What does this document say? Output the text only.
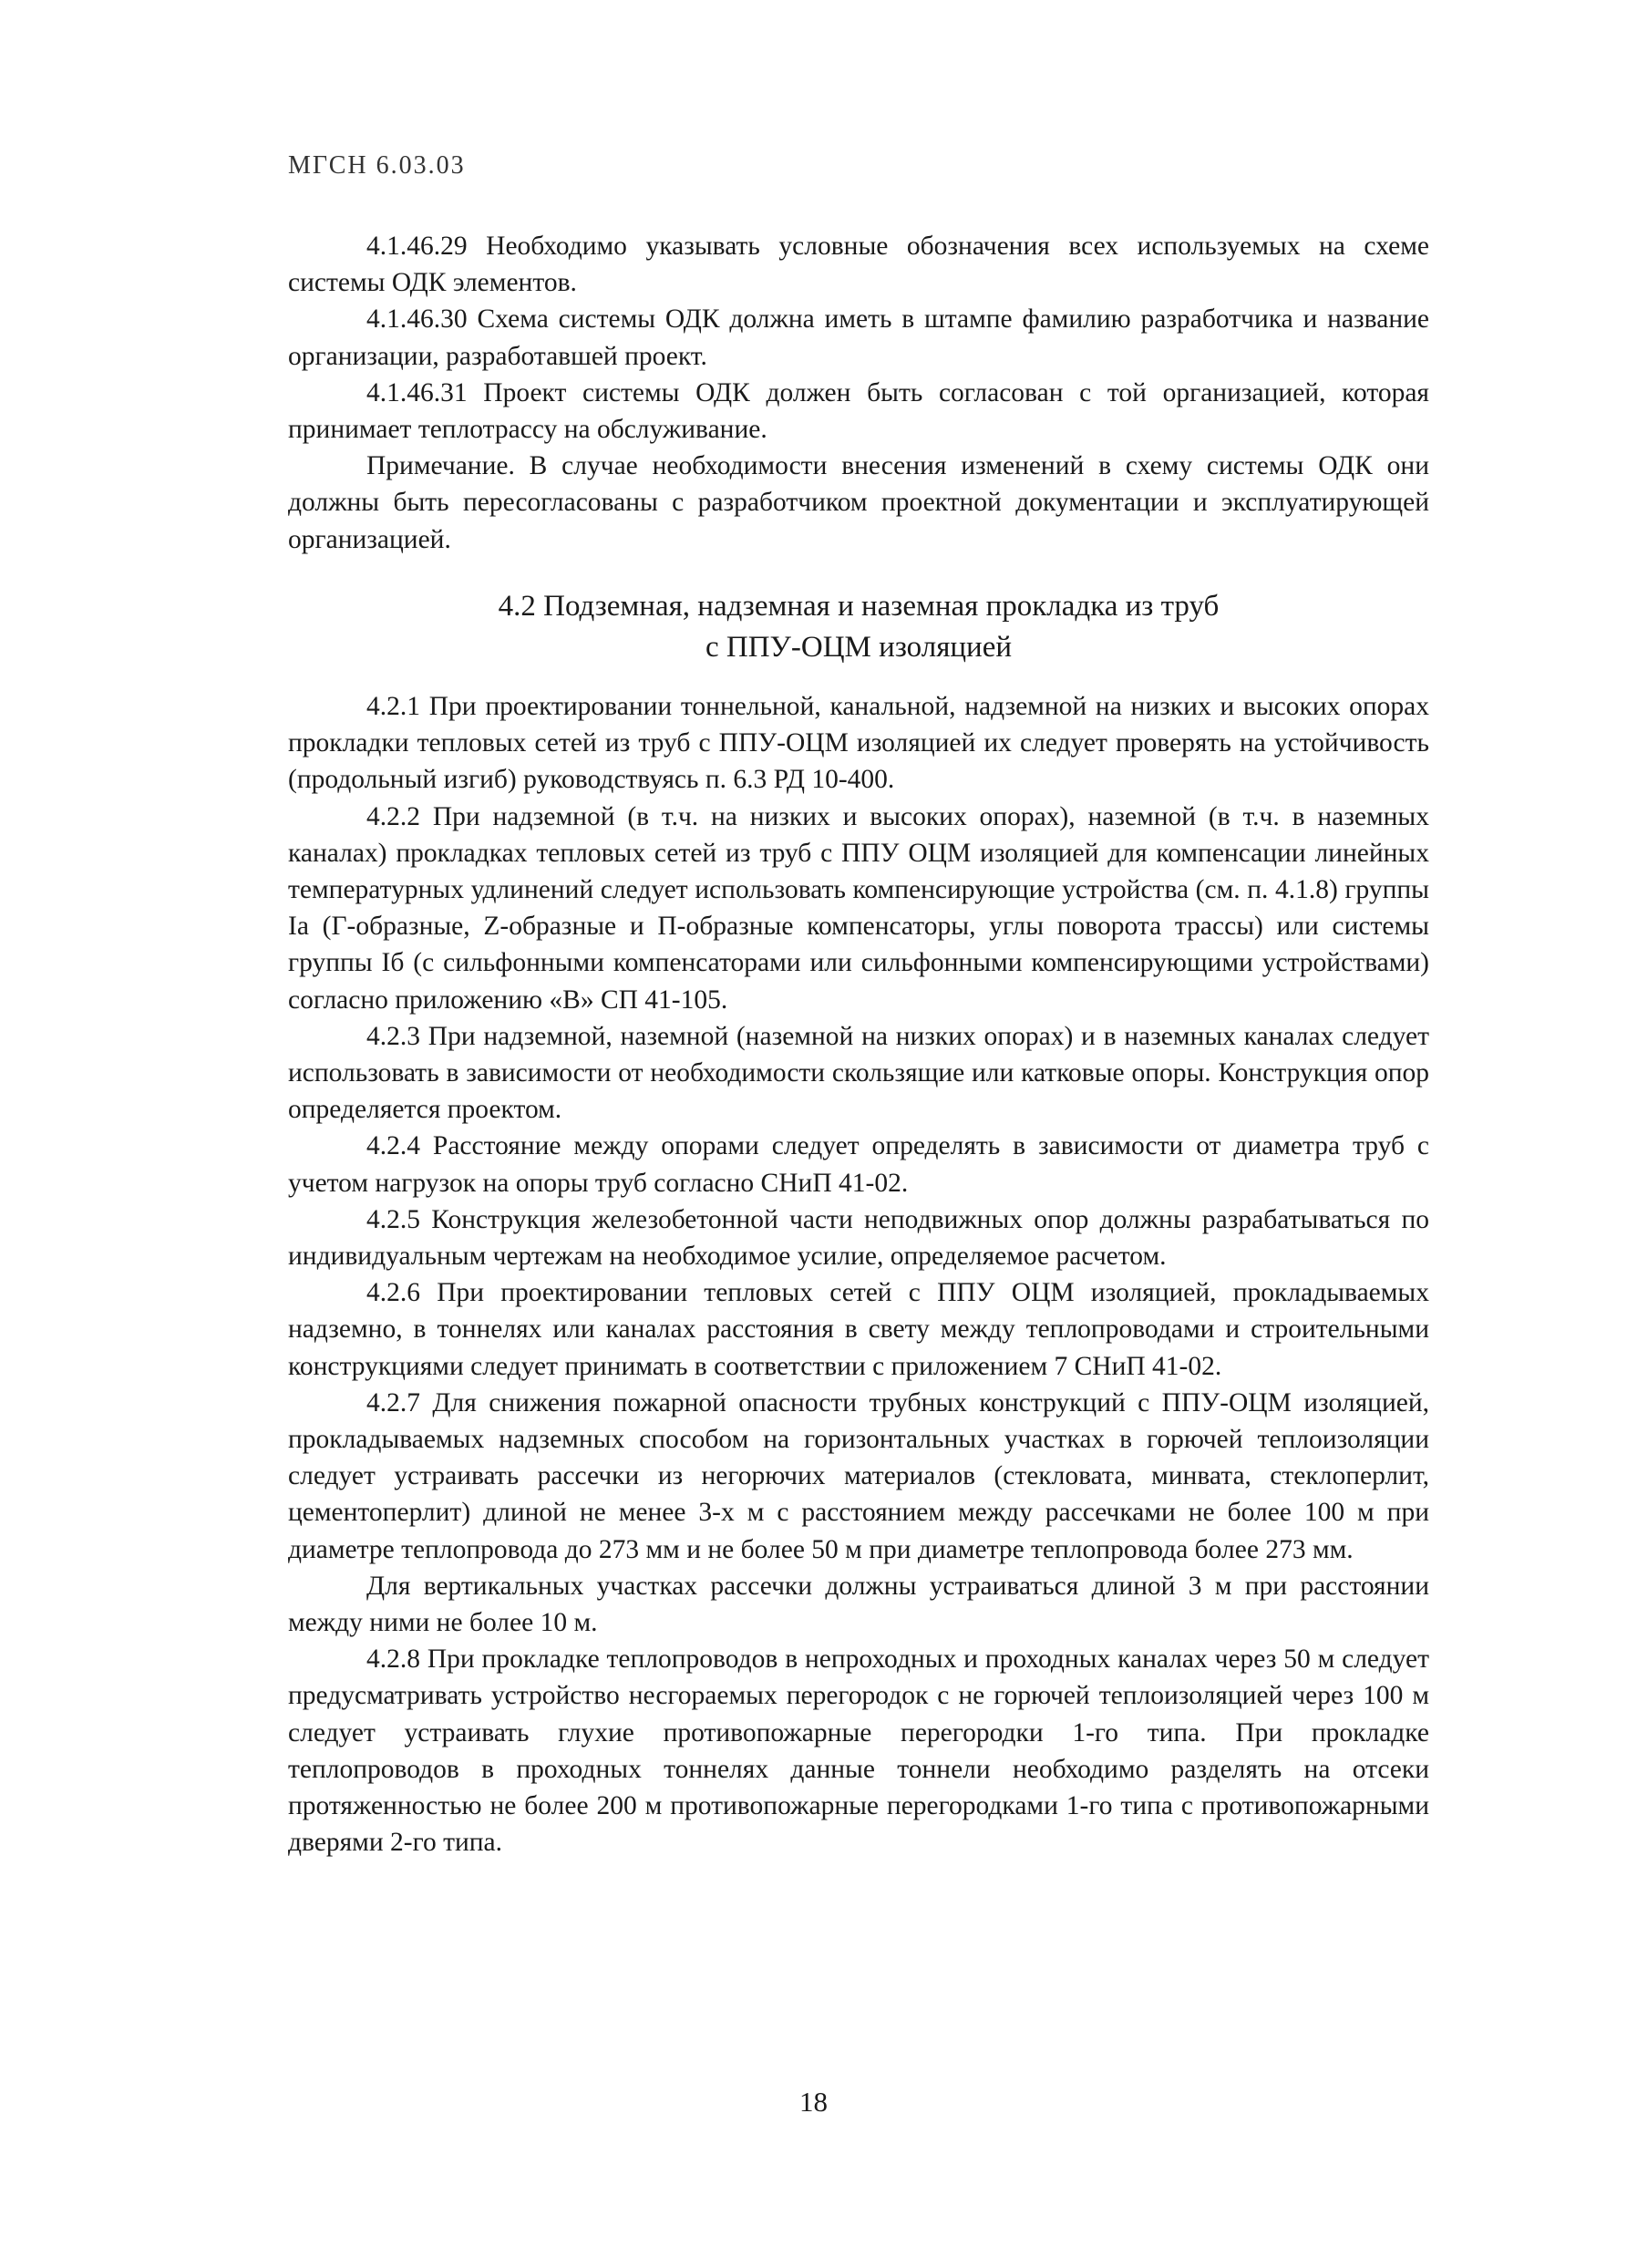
МГСН 6.03.03

4.1.46.29 Необходимо указывать условные обозначения всех используемых на схеме системы ОДК элементов.

4.1.46.30 Схема системы ОДК должна иметь в штампе фамилию разработчика и название организации, разработавшей проект.

4.1.46.31 Проект системы ОДК должен быть согласован с той организацией, которая принимает теплотрассу на обслуживание.

Примечание. В случае необходимости внесения изменений в схему системы ОДК они должны быть пересогласованы с разработчиком проектной документации и эксплуатирующей организацией.

4.2 Подземная, надземная и наземная прокладка из труб
с ППУ-ОЦМ изоляцией

4.2.1 При проектировании тоннельной, канальной, надземной на низких и высоких опорах прокладки тепловых сетей из труб с ППУ-ОЦМ изоляцией их следует проверять на устойчивость (продольный изгиб) руководствуясь п. 6.3 РД 10-400.

4.2.2 При надземной (в т.ч. на низких и высоких опорах), наземной (в т.ч. в наземных каналах) прокладках тепловых сетей из труб с ППУ ОЦМ изоляцией для компенсации линейных температурных удлинений следует использовать компенсирующие устройства (см. п. 4.1.8) группы Iа (Г-образные, Z-образные и П-образные компенсаторы, углы поворота трассы) или системы группы Iб (с сильфонными компенсаторами или сильфонными компенсирующими устройствами) согласно приложению «В» СП 41-105.

4.2.3 При надземной, наземной (наземной на низких опорах) и в наземных каналах следует использовать в зависимости от необходимости скользящие или катковые опоры. Конструкция опор определяется проектом.

4.2.4 Расстояние между опорами следует определять в зависимости от диаметра труб с учетом нагрузок на опоры труб согласно СНиП 41-02.

4.2.5 Конструкция железобетонной части неподвижных опор должны разрабатываться по индивидуальным чертежам на необходимое усилие, определяемое расчетом.

4.2.6 При проектировании тепловых сетей с ППУ ОЦМ изоляцией, прокладываемых надземно, в тоннелях или каналах расстояния в свету между теплопроводами и строительными конструкциями следует принимать в соответствии с приложением 7 СНиП 41-02.

4.2.7 Для снижения пожарной опасности трубных конструкций с ППУ-ОЦМ изоляцией, прокладываемых надземных способом на горизонтальных участках в горючей теплоизоляции следует устраивать рассечки из негорючих материалов (стекловата, минвата, стеклоперлит, цементоперлит) длиной не менее 3-х м с расстоянием между рассечками не более 100 м при диаметре теплопровода до 273 мм и не более 50 м при диаметре теплопровода более 273 мм.

Для вертикальных участках рассечки должны устраиваться длиной 3 м при расстоянии между ними не более 10 м.

4.2.8 При прокладке теплопроводов в непроходных и проходных каналах через 50 м следует предусматривать устройство несгораемых перегородок с не горючей теплоизоляцией через 100 м следует устраивать глухие противопожарные перегородки 1-го типа. При прокладке теплопроводов в проходных тоннелях данные тоннели необходимо разделять на отсеки протяженностью не более 200 м противопожарные перегородками 1-го типа с противопожарными дверями 2-го типа.

18
